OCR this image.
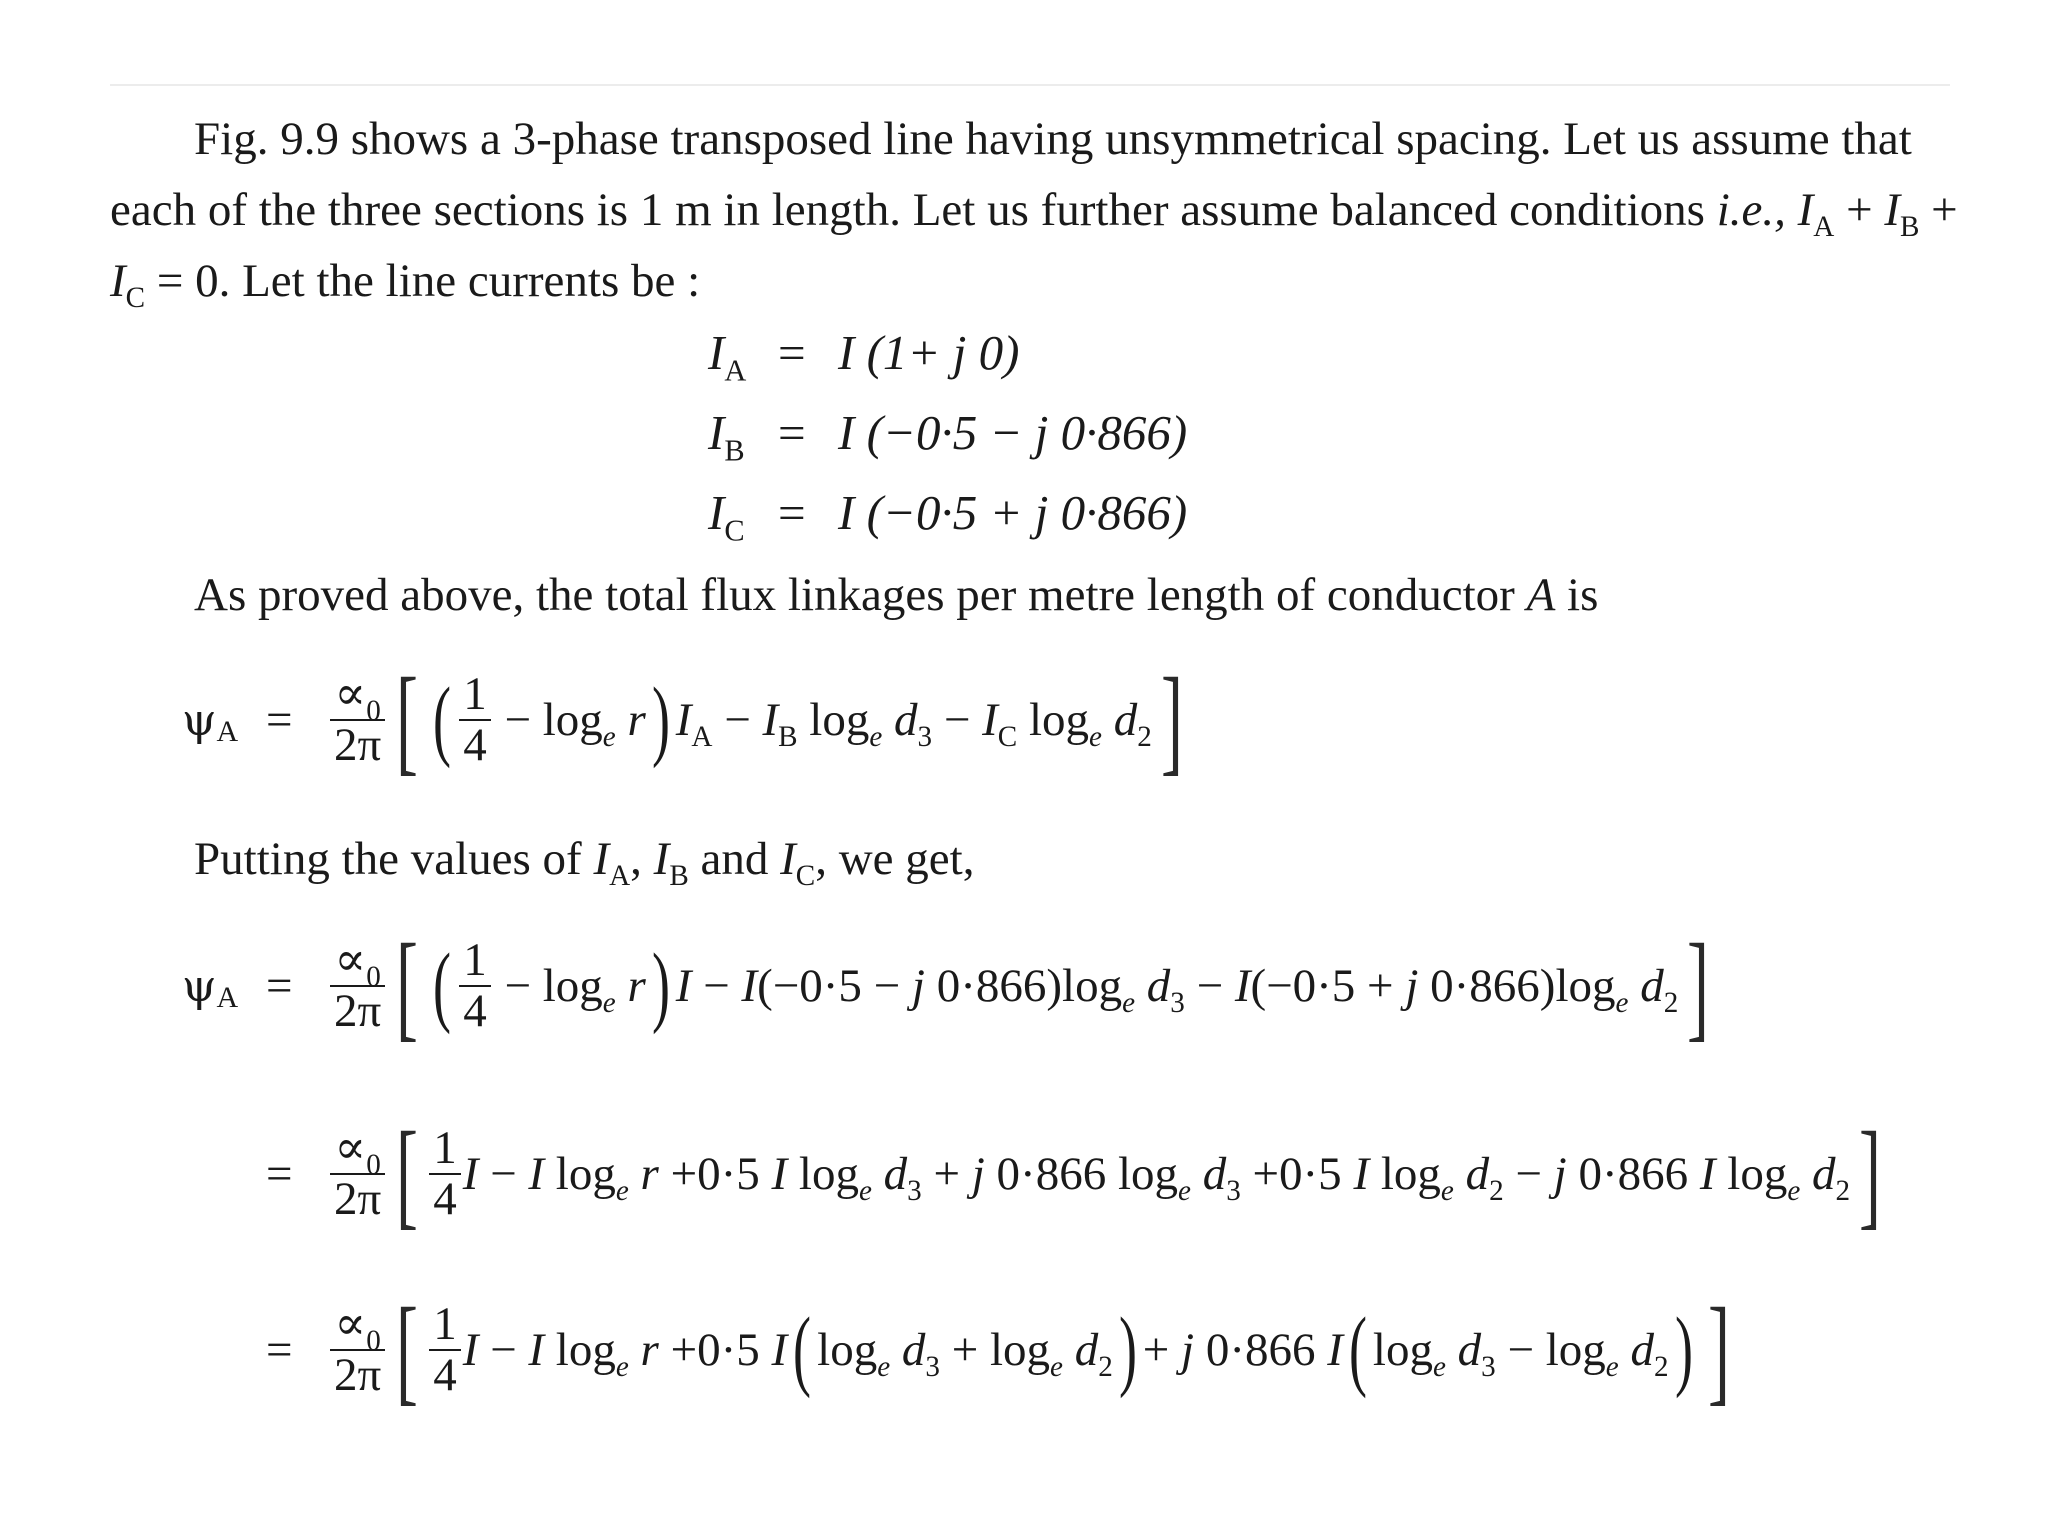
Fig. 9.9 shows a 3-phase transposed line having unsymmetrical spacing. Let us assume that each of the three sections is 1 m in length. Let us further assume balanced conditions i.e., $I_A + I_B$ +
$I_C = 0$. Let the line currents be :
$I_A = I$ (1+ j 0)
$I_B = I$ (−0·5 − j 0·866)
$I_C = I$ (−0·5 + j 0·866)
As proved above, the total flux linkages per metre length of conductor A is
$\psi_A = \frac{\propto_0}{2\pi}$ [ ( $\frac{1}{4} - \log_e r$ ) $I_A - I_B$ $\log_e d_3 - I_C$ $\log_e d_2$ ]
Putting the values of $I_A$, $I_B$ and $I_C$, we get,
$\psi_A = \frac{\propto_0}{2\pi}$ [ ( $\frac{1}{4} - \log_e r$ ) I − I(−0·5 − j $0\cdot 866)\log_e$ $d_3 - I(-0\cdot 5 + j$ $0\cdot 866)\log_e$ $d_2$ ]
= $\frac{\propto_0}{2\pi}$ [ $\frac{1}{4}$ I − I $\log_e r +0\cdot 5$ I $\log_e d_3 + j$ 0·866 $\log_e d_3 +0\cdot 5$ I $\log_e d_2 - j$ 0·866 I $\log_e d_2$ ]
= $\frac{\propto_0}{2\pi}$ [ $\frac{1}{4}$ I − I $\log_e r +0\cdot 5$ I ( $\log_e d_3 + \log_e d_2$ ) + j 0·866 I ( $\log_e d_3 - \log_e d_2$ ) ]
